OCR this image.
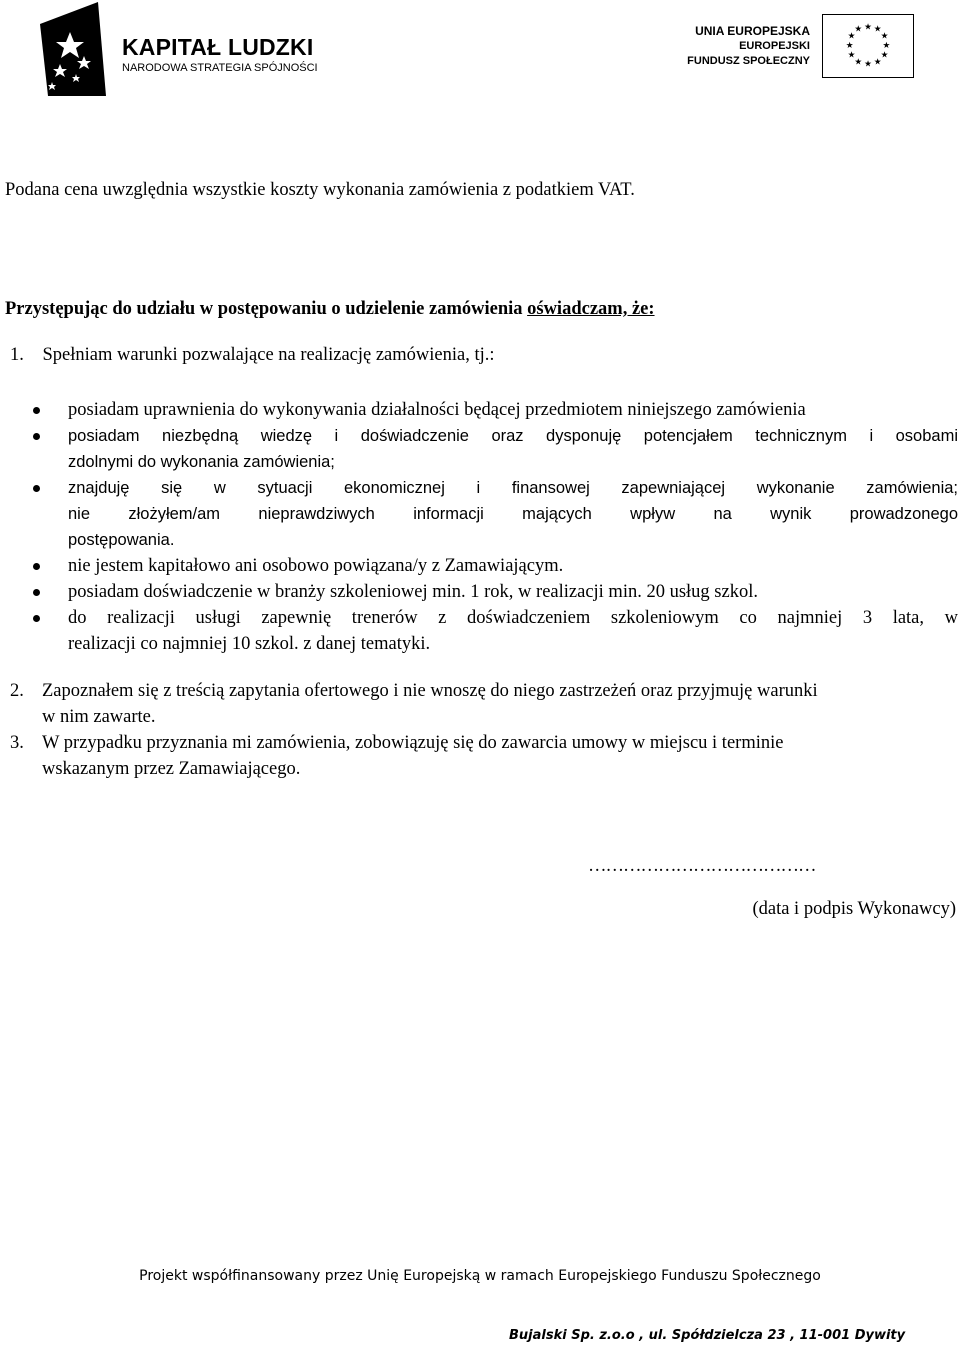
KAPITAŁ LUDZKI
NARODOWA STRATEGIA SPÓJNOŚCI
UNIA EUROPEJSKA
EUROPEJSKI
FUNDUSZ SPOŁECZNY
★ ★
★
★
★
★
★
★
★
★
★
★
Podana cena uwzględnia wszystkie koszty wykonania zamówienia z podatkiem VAT.
Przystępując do udziału w postępowaniu o udzielenie zamówienia oświadczam, że:
1. Spełniam warunki pozwalające na realizację zamówienia, tj.:
posiadam uprawnienia do wykonywania działalności będącej przedmiotem niniejszego zamówienia
posiadam niezbędną wiedzę i doświadczenie oraz dysponuję potencjałem technicznym i osobami
zdolnymi do wykonania zamówienia;
znajduję się w sytuacji ekonomicznej i finansowej zapewniającej wykonanie zamówienia;
nie złożyłem/am nieprawdziwych informacji mających wpływ na wynik prowadzonego
postępowania.
nie jestem kapitałowo ani osobowo powiązana/y z Zamawiającym.
posiadam doświadczenie w branży szkoleniowej min. 1 rok, w realizacji min. 20 usług szkol.
do realizacji usługi zapewnię trenerów z doświadczeniem szkoleniowym co najmniej 3 lata, w
realizacji co najmniej 10 szkol. z danej tematyki.
2. Zapoznałem się z treścią zapytania ofertowego i nie wnoszę do niego zastrzeżeń oraz przyjmuję warunki
w nim zawarte.
3. W przypadku przyznania mi zamówienia, zobowiązuję się do zawarcia umowy w miejscu i terminie
wskazanym przez Zamawiającego.
…………………………………
(data i podpis Wykonawcy)
Projekt współfinansowany przez Unię Europejską w ramach Europejskiego Funduszu Społecznego
Bujalski Sp. z.o.o , ul. Spółdzielcza 23 , 11-001 Dywity
